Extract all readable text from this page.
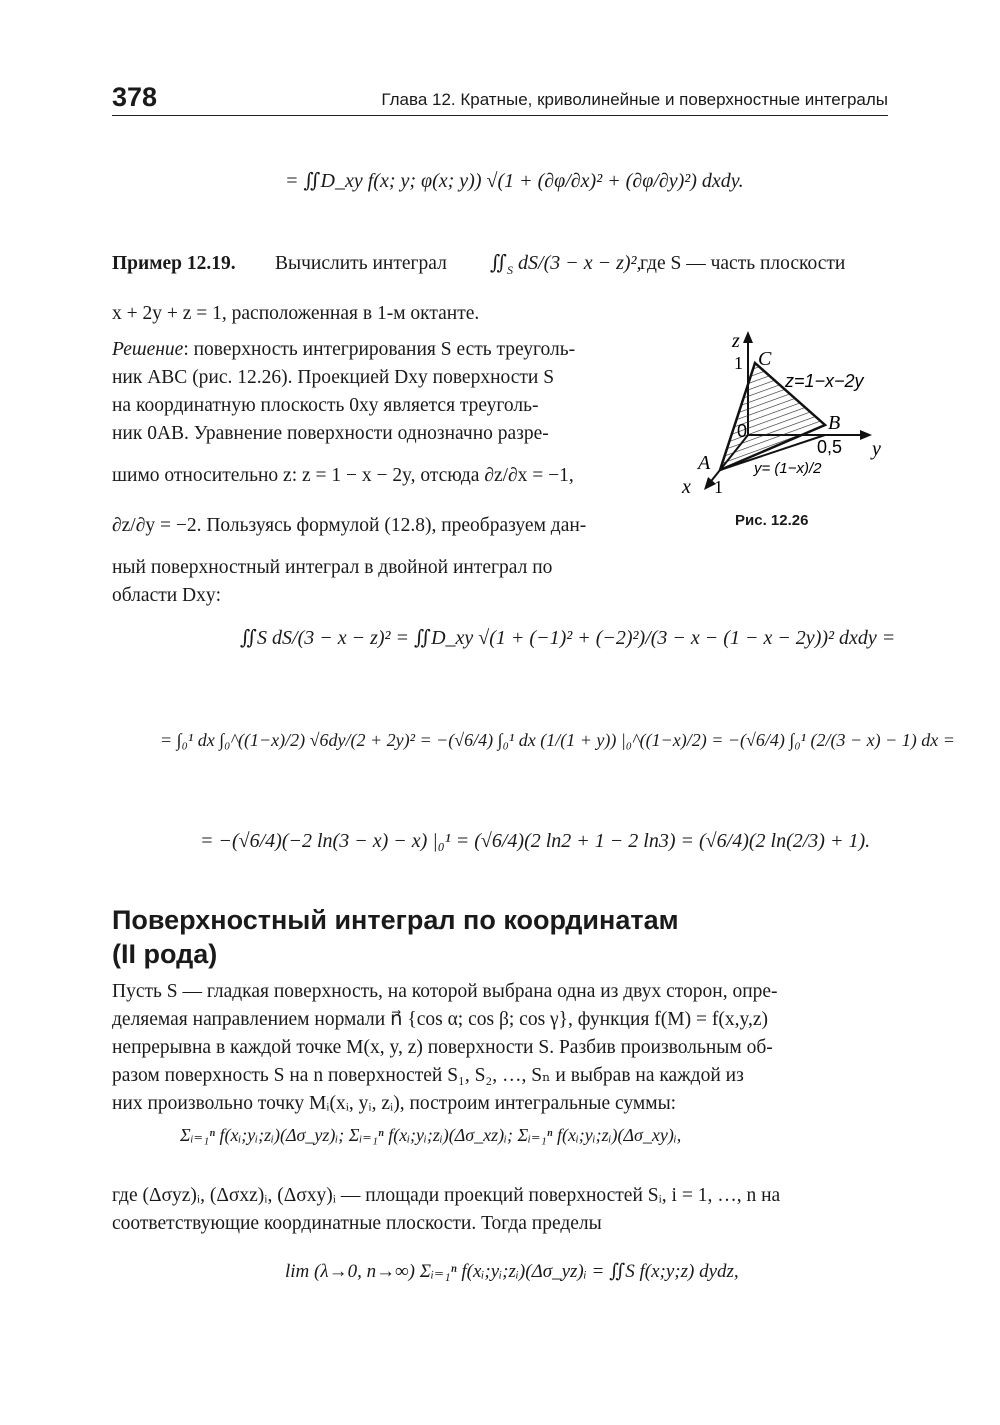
378	Глава 12. Кратные, криволинейные и поверхностные интегралы
= ∬D_xy f(x; y; φ(x; y)) √(1 + (∂φ/∂x)² + (∂φ/∂y)²) dxdy.
Пример 12.19. Вычислить интеграл $∬_S$ dS/(3 − x − z)²,
где S — часть плоскости
x + 2y + z = 1, расположенная в 1-м октанте.
Решение: поверхность интегрирования S есть треуголь-
ник ABC (рис. 12.26). Проекцией Dxy поверхности S
на координатную плоскость 0xy является треуголь-
ник 0AB. Уравнение поверхности однозначно разре-
шимо относительно z: z = 1 − x − 2y, отсюда ∂z/∂x = −1,
∂z/∂y = −2. Пользуясь формулой (12.8), преобразуем дан-
ный поверхностный интеграл в двойной интеграл по
области Dxy:
z
1 C
z=1−x−2y
B
0
0,5 y
A	y= (1−x)/2
x 1
Рис. 12.26
∬S dS/(3 − x − z)² = ∬D_xy √(1 + (−1)² + (−2)²)/(3 − x − (1 − x − 2y))² dxdy =
= ∫₀¹ dx ∫₀^((1−x)/2) √6dy/(2 + 2y)² = −(√6/4) ∫₀¹ dx (1/(1 + y)) |₀^((1−x)/2) = −(√6/4) ∫₀¹ (2/(3 − x) − 1) dx =
= −(√6/4)(−2 ln(3 − x) − x) |₀¹ = (√6/4)(2 ln2 + 1 − 2 ln3) = (√6/4)(2 ln(2/3) + 1).
Поверхностный интеграл по координатам
(II рода)
Пусть S — гладкая поверхность, на которой выбрана одна из двух сторон, опре-
деляемая направлением нормали n⃗ {cos α; cos β; cos γ}, функция f(M) = f(x,y,z)
непрерывна в каждой точке M(x, y, z) поверхности S. Разбив произвольным об-
разом поверхность S на n поверхностей S₁, S₂, …, Sₙ и выбрав на каждой из
них произвольно точку Mᵢ(xᵢ, yᵢ, zᵢ), построим интегральные суммы:
Σᵢ₌₁ⁿ f(xᵢ;yᵢ;zᵢ)(Δσ_yz)ᵢ; Σᵢ₌₁ⁿ f(xᵢ;yᵢ;zᵢ)(Δσ_xz)ᵢ; Σᵢ₌₁ⁿ f(xᵢ;yᵢ;zᵢ)(Δσ_xy)ᵢ,
где (Δσyz)ᵢ, (Δσxz)ᵢ, (Δσxy)ᵢ — площади проекций поверхностей Sᵢ, i = 1, …, n на
соответствующие координатные плоскости. Тогда пределы
lim (λ→0, n→∞) Σᵢ₌₁ⁿ f(xᵢ;yᵢ;zᵢ)(Δσ_yz)ᵢ = ∬S f(x;y;z) dydz,
